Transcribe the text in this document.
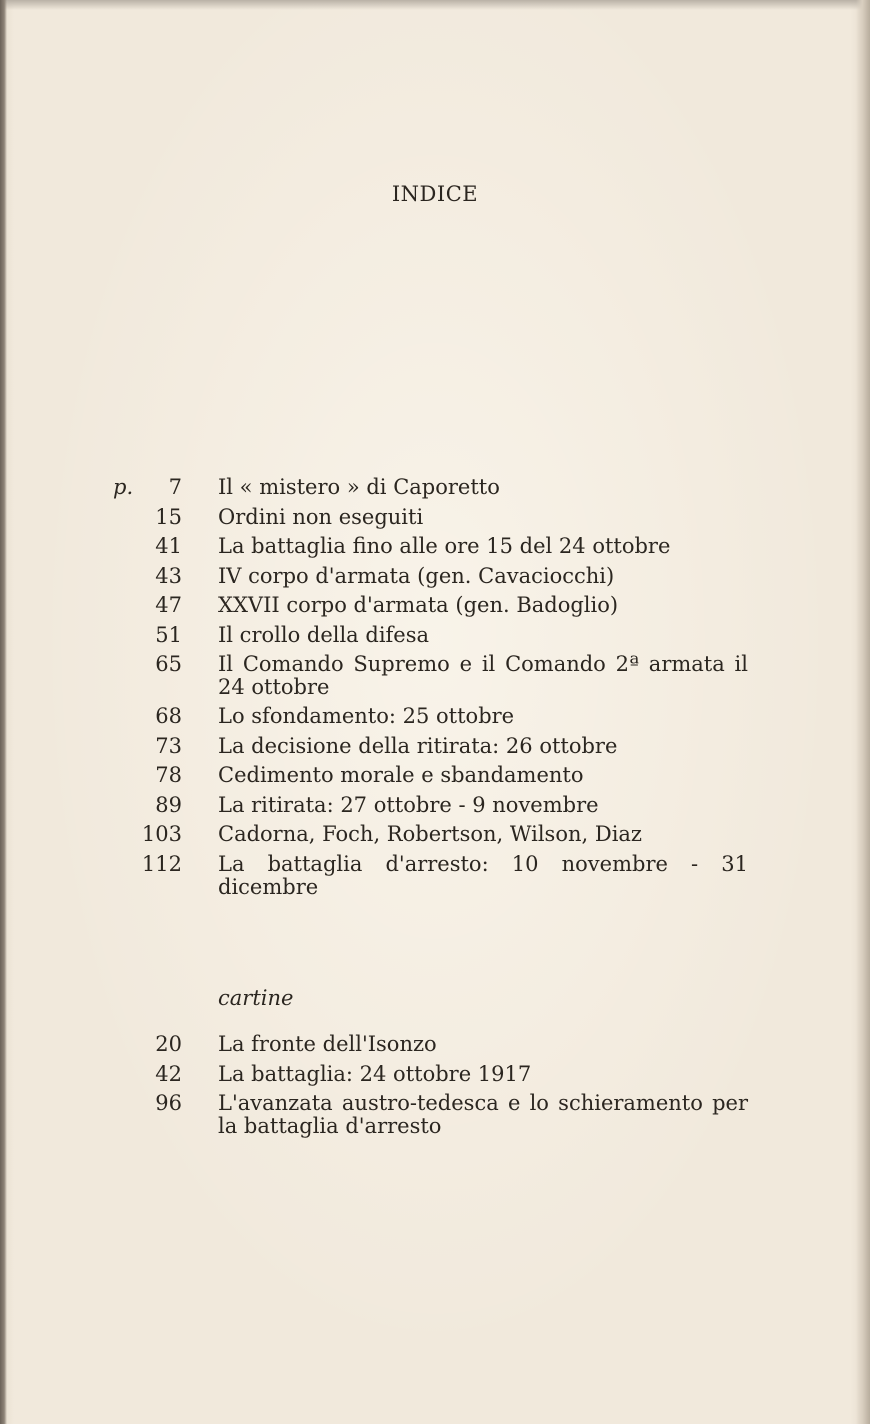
INDICE
p.	7 Il « mistero » di Caporetto
15 Ordini non eseguiti
41 La battaglia fino alle ore 15 del 24 ottobre
43 IV corpo d'armata (gen. Cavaciocchi)
47 XXVII corpo d'armata (gen. Badoglio)
51 Il crollo della difesa
65 Il Comando Supremo e il Comando 2ª armata il 24 ottobre
68 Lo sfondamento: 25 ottobre
73 La decisione della ritirata: 26 ottobre
78 Cedimento morale e sbandamento
89 La ritirata: 27 ottobre - 9 novembre
103 Cadorna, Foch, Robertson, Wilson, Diaz
112 La battaglia d'arresto: 10 novembre - 31 dicembre
cartine
20 La fronte dell'Isonzo
42 La battaglia: 24 ottobre 1917
96 L'avanzata austro-tedesca e lo schieramento per la battaglia d'arresto
